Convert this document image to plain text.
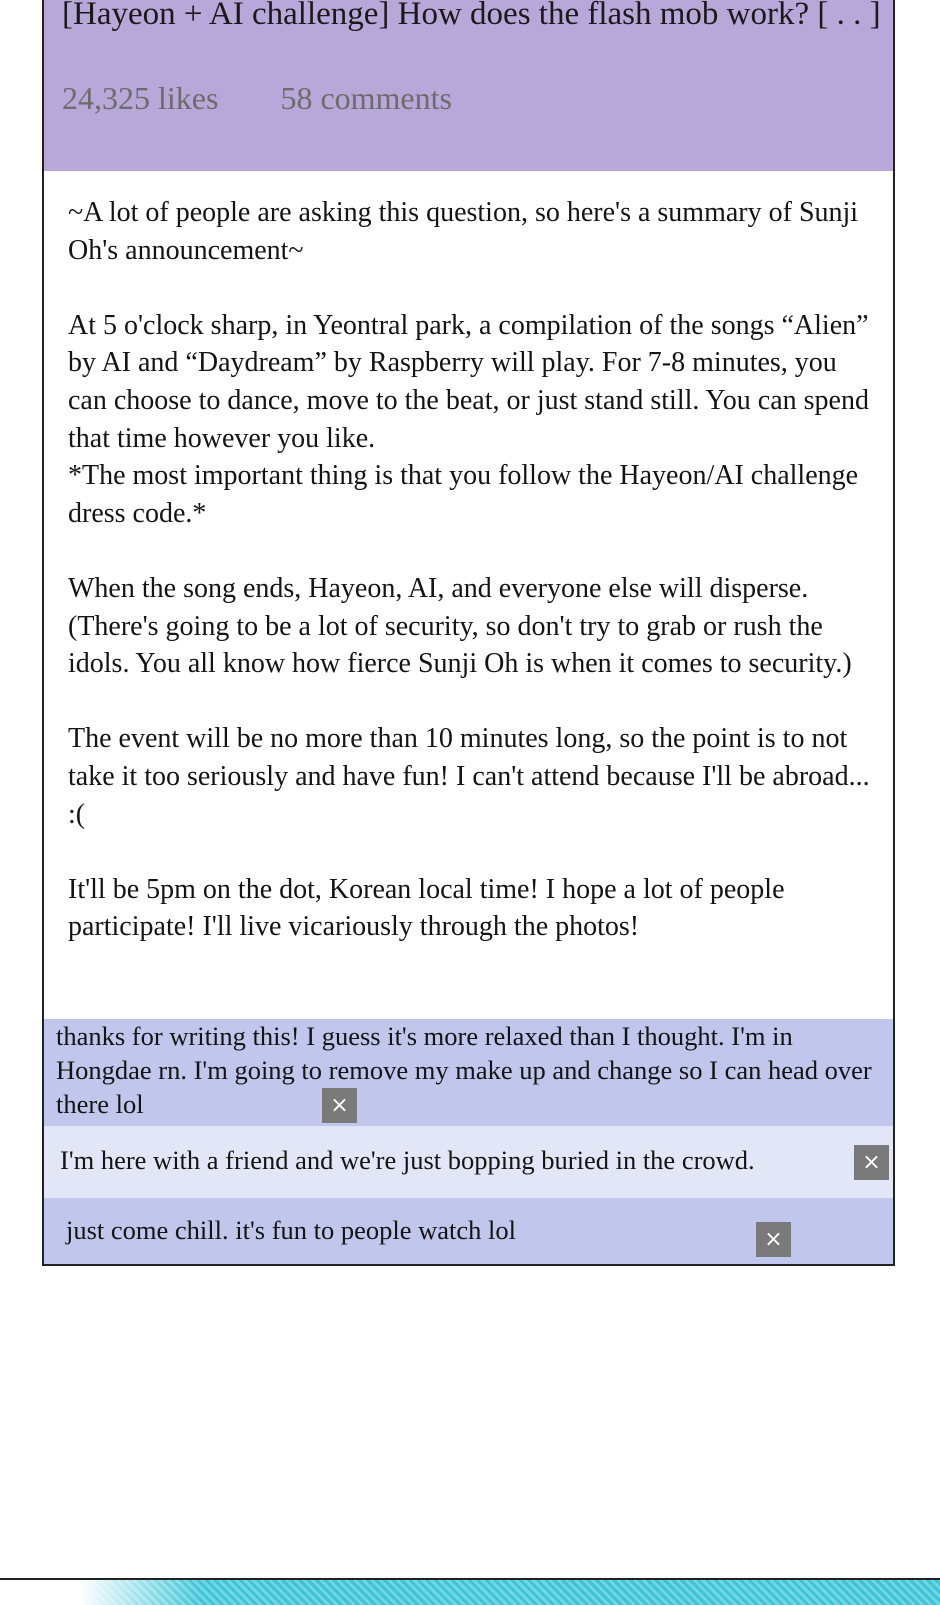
[Hayeon + AI challenge] How does the flash mob work? [ . . ]
24,325 likes 58 comments

~A lot of people are asking this question, so here's a summary of Sunji Oh's announcement~

At 5 o'clock sharp, in Yeontral park, a compilation of the songs “Alien” by AI and “Daydream” by Raspberry will play. For 7-8 minutes, you can choose to dance, move to the beat, or just stand still. You can spend that time however you like.

*The most important thing is that you follow the Hayeon/AI challenge dress code.*

When the song ends, Hayeon, AI, and everyone else will disperse. (There's going to be a lot of security, so don't try to grab or rush the idols. You all know how fierce Sunji Oh is when it comes to security.)

The event will be no more than 10 minutes long, so the point is to not take it too seriously and have fun! I can't attend because I'll be abroad... :(

It'll be 5pm on the dot, Korean local time! I hope a lot of people participate! I'll live vicariously through the photos!

thanks for writing this! I guess it's more relaxed than I thought. I'm in Hongdae rn. I'm going to remove my make up and change so I can head over there lol	×
I'm here with a friend and we're just bopping buried in the crowd.	×
just come chill. it's fun to people watch lol	×
